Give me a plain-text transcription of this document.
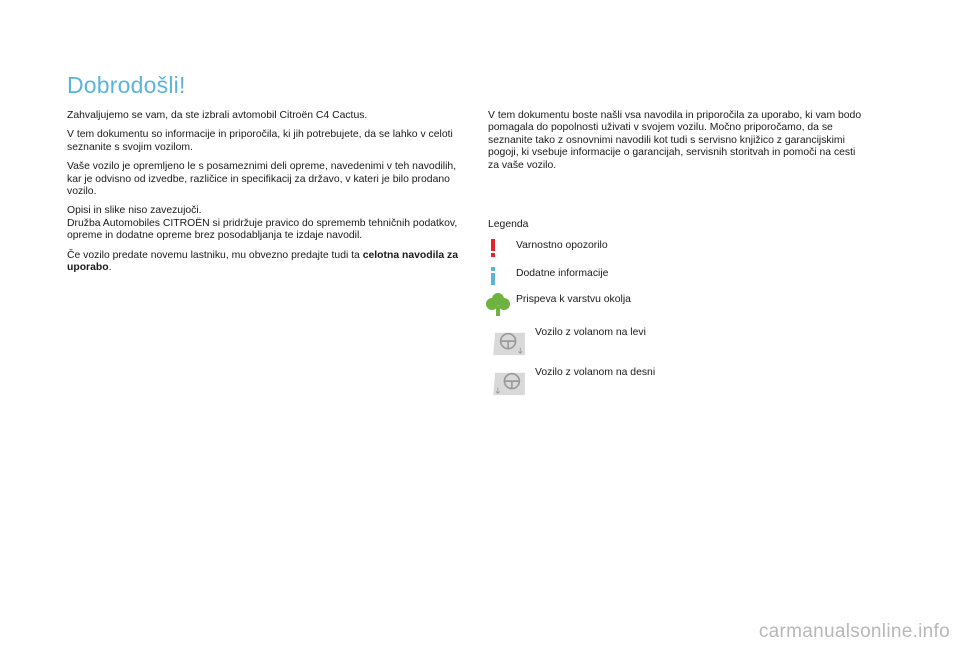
Dobrodošli!

Zahvaljujemo se vam, da ste izbrali avtomobil Citroën C4 Cactus.

V tem dokumentu so informacije in priporočila, ki jih potrebujete, da se lahko v celoti seznanite s svojim vozilom.

Vaše vozilo je opremljeno le s posameznimi deli opreme, navedenimi v teh navodilih, kar je odvisno od izvedbe, različice in specifikacij za državo, v kateri je bilo prodano vozilo.

Opisi in slike niso zavezujoči.

Družba Automobiles CITROËN si pridržuje pravico do sprememb tehničnih podatkov, opreme in dodatne opreme brez posodabljanja te izdaje navodil.

Če vozilo predate novemu lastniku, mu obvezno predajte tudi ta celotna navodila za uporabo.

V tem dokumentu boste našli vsa navodila in priporočila za uporabo, ki vam bodo pomagala do popolnosti uživati v svojem vozilu. Močno priporočamo, da se seznanite tako z osnovnimi navodili kot tudi s servisno knjižico z garancijskimi pogoji, ki vsebuje informacije o garancijah, servisnih storitvah in pomoči na cesti za vaše vozilo.

Legenda
Varnostno opozorilo
Dodatne informacije
Prispeva k varstvu okolja
Vozilo z volanom na levi
Vozilo z volanom na desni
carmanualsonline.info
